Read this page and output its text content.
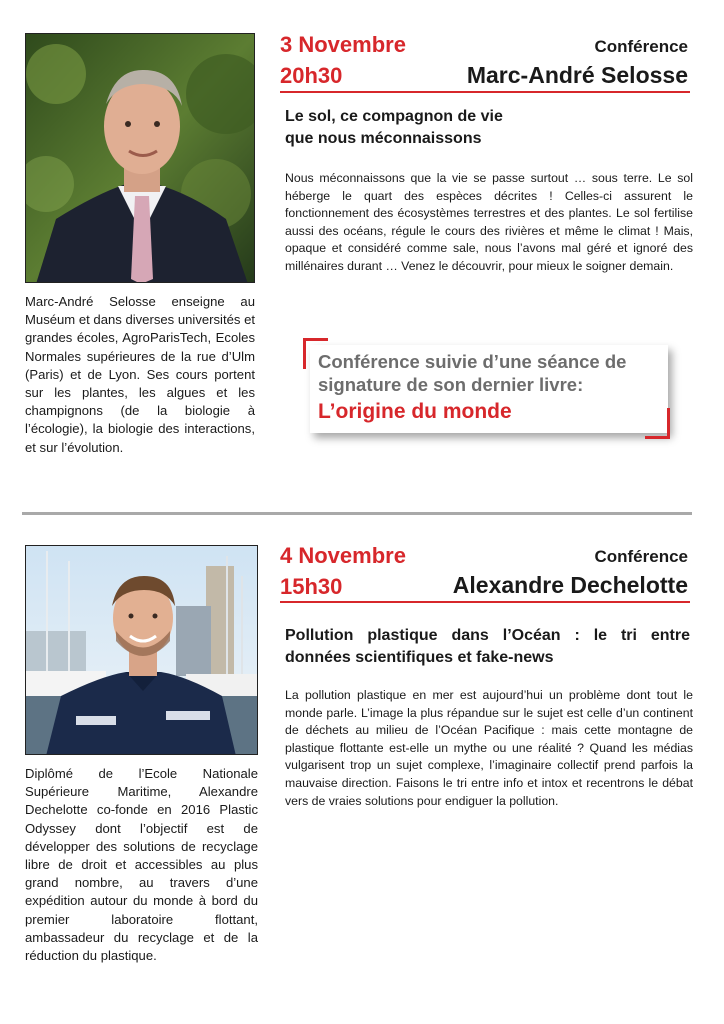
3 Novembre
20h30
Conférence
Marc-André Selosse
Le sol, ce compagnon de vie
que nous méconnaissons
Nous méconnaissons que la vie se passe surtout … sous terre. Le sol héberge le quart des espèces décrites ! Celles-ci assurent le fonctionnement des écosystèmes terrestres et des plantes. Le sol fertilise aussi des océans, régule le cours des rivières et même le climat ! Mais, opaque et considéré comme sale, nous l’avons mal géré et ignoré des millénaires durant … Venez le découvrir, pour mieux le soigner demain.
Marc-André Selosse enseigne au Muséum et dans diverses universités et grandes écoles, AgroParisTech, Ecoles Normales supérieures de la rue d’Ulm (Paris) et de Lyon. Ses cours portent sur les plantes, les algues et les champignons (de la biologie à l’écologie), la biologie des interactions, et sur l’évolution.
Conférence suivie d’une séance de
signature de son dernier livre:
L’origine du monde
4 Novembre
15h30
Conférence
Alexandre Dechelotte
Pollution plastique dans l’Océan : le tri entre données scientifiques et fake-news
La pollution plastique en mer est aujourd’hui un problème dont tout le monde parle. L’image la plus répandue sur le sujet est celle d’un continent de déchets au milieu de l’Océan Pacifique : mais cette montagne de plastique flottante est-elle un mythe ou une réalité ? Quand les médias vulgarisent trop un sujet complexe, l’imaginaire collectif prend parfois la mauvaise direction. Faisons le tri entre info et intox et recentrons le débat vers de vraies solutions pour endiguer la pollution.
Diplômé de l’Ecole Nationale Supérieure Maritime, Alexandre Dechelotte co-fonde en 2016 Plastic Odyssey dont l’objectif est de développer des solutions de recyclage libre de droit et accessibles au plus grand nombre, au travers d’une expédition autour du monde à bord du premier laboratoire flottant, ambassadeur du recyclage et de la réduction du plastique.
